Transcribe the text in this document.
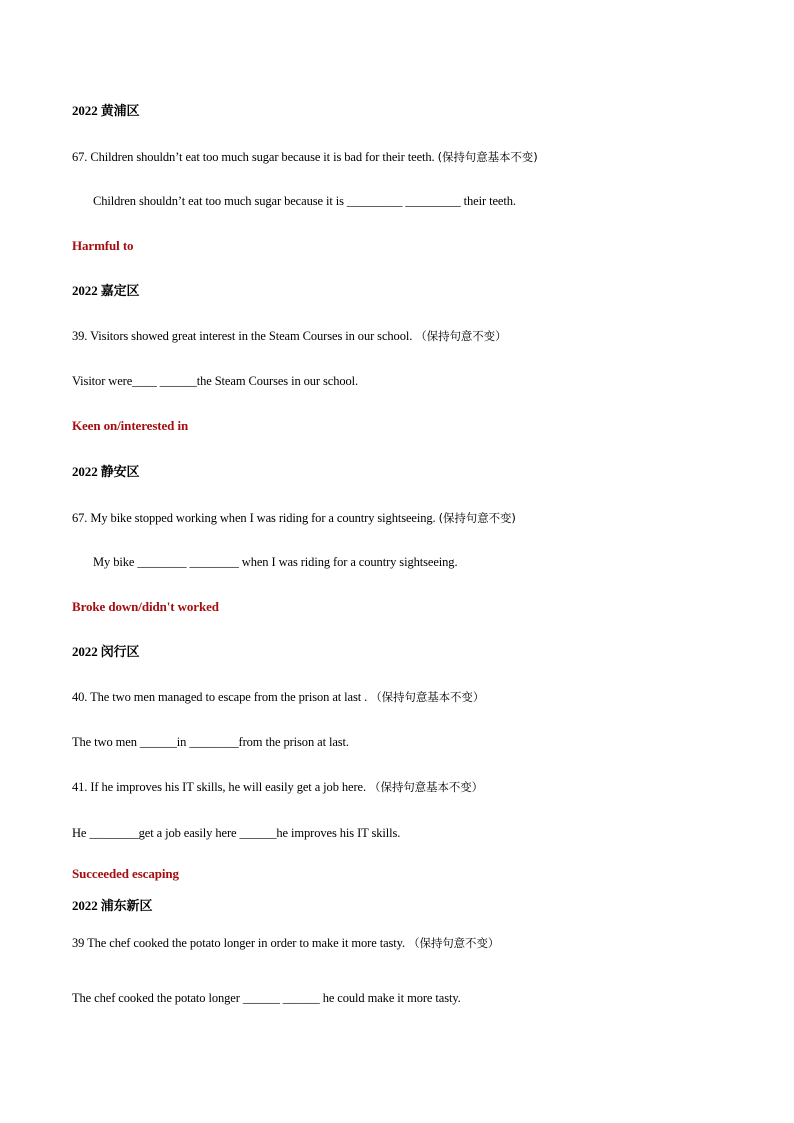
2022 黄浦区
67. Children shouldn’t eat too much sugar because it is bad for their teeth. (保持句意基本不变)
Children shouldn’t eat too much sugar because it is _________ _________ their teeth.
Harmful to
2022 嘉定区
39. Visitors showed great interest in the Steam Courses in our school. （保持句意不变）
Visitor were____ ______the Steam Courses in our school.
Keen on/interested in
2022 静安区
67. My bike stopped working when I was riding for a country sightseeing. (保持句意不变)
My bike ________ ________ when I was riding for a country sightseeing.
Broke down/didn't worked
2022 闵行区
40. The two men managed to escape from the prison at last . （保持句意基本不变）
The two men ______in ________from the prison at last.
41. If he improves his IT skills, he will easily get a job here. （保持句意基本不变）
He ________get a job easily here ______he improves his IT skills.
Succeeded escaping
2022 浦东新区
39 The chef cooked the potato longer in order to make it more tasty. （保持句意不变）
The chef cooked the potato longer ______ ______ he could make it more tasty.
